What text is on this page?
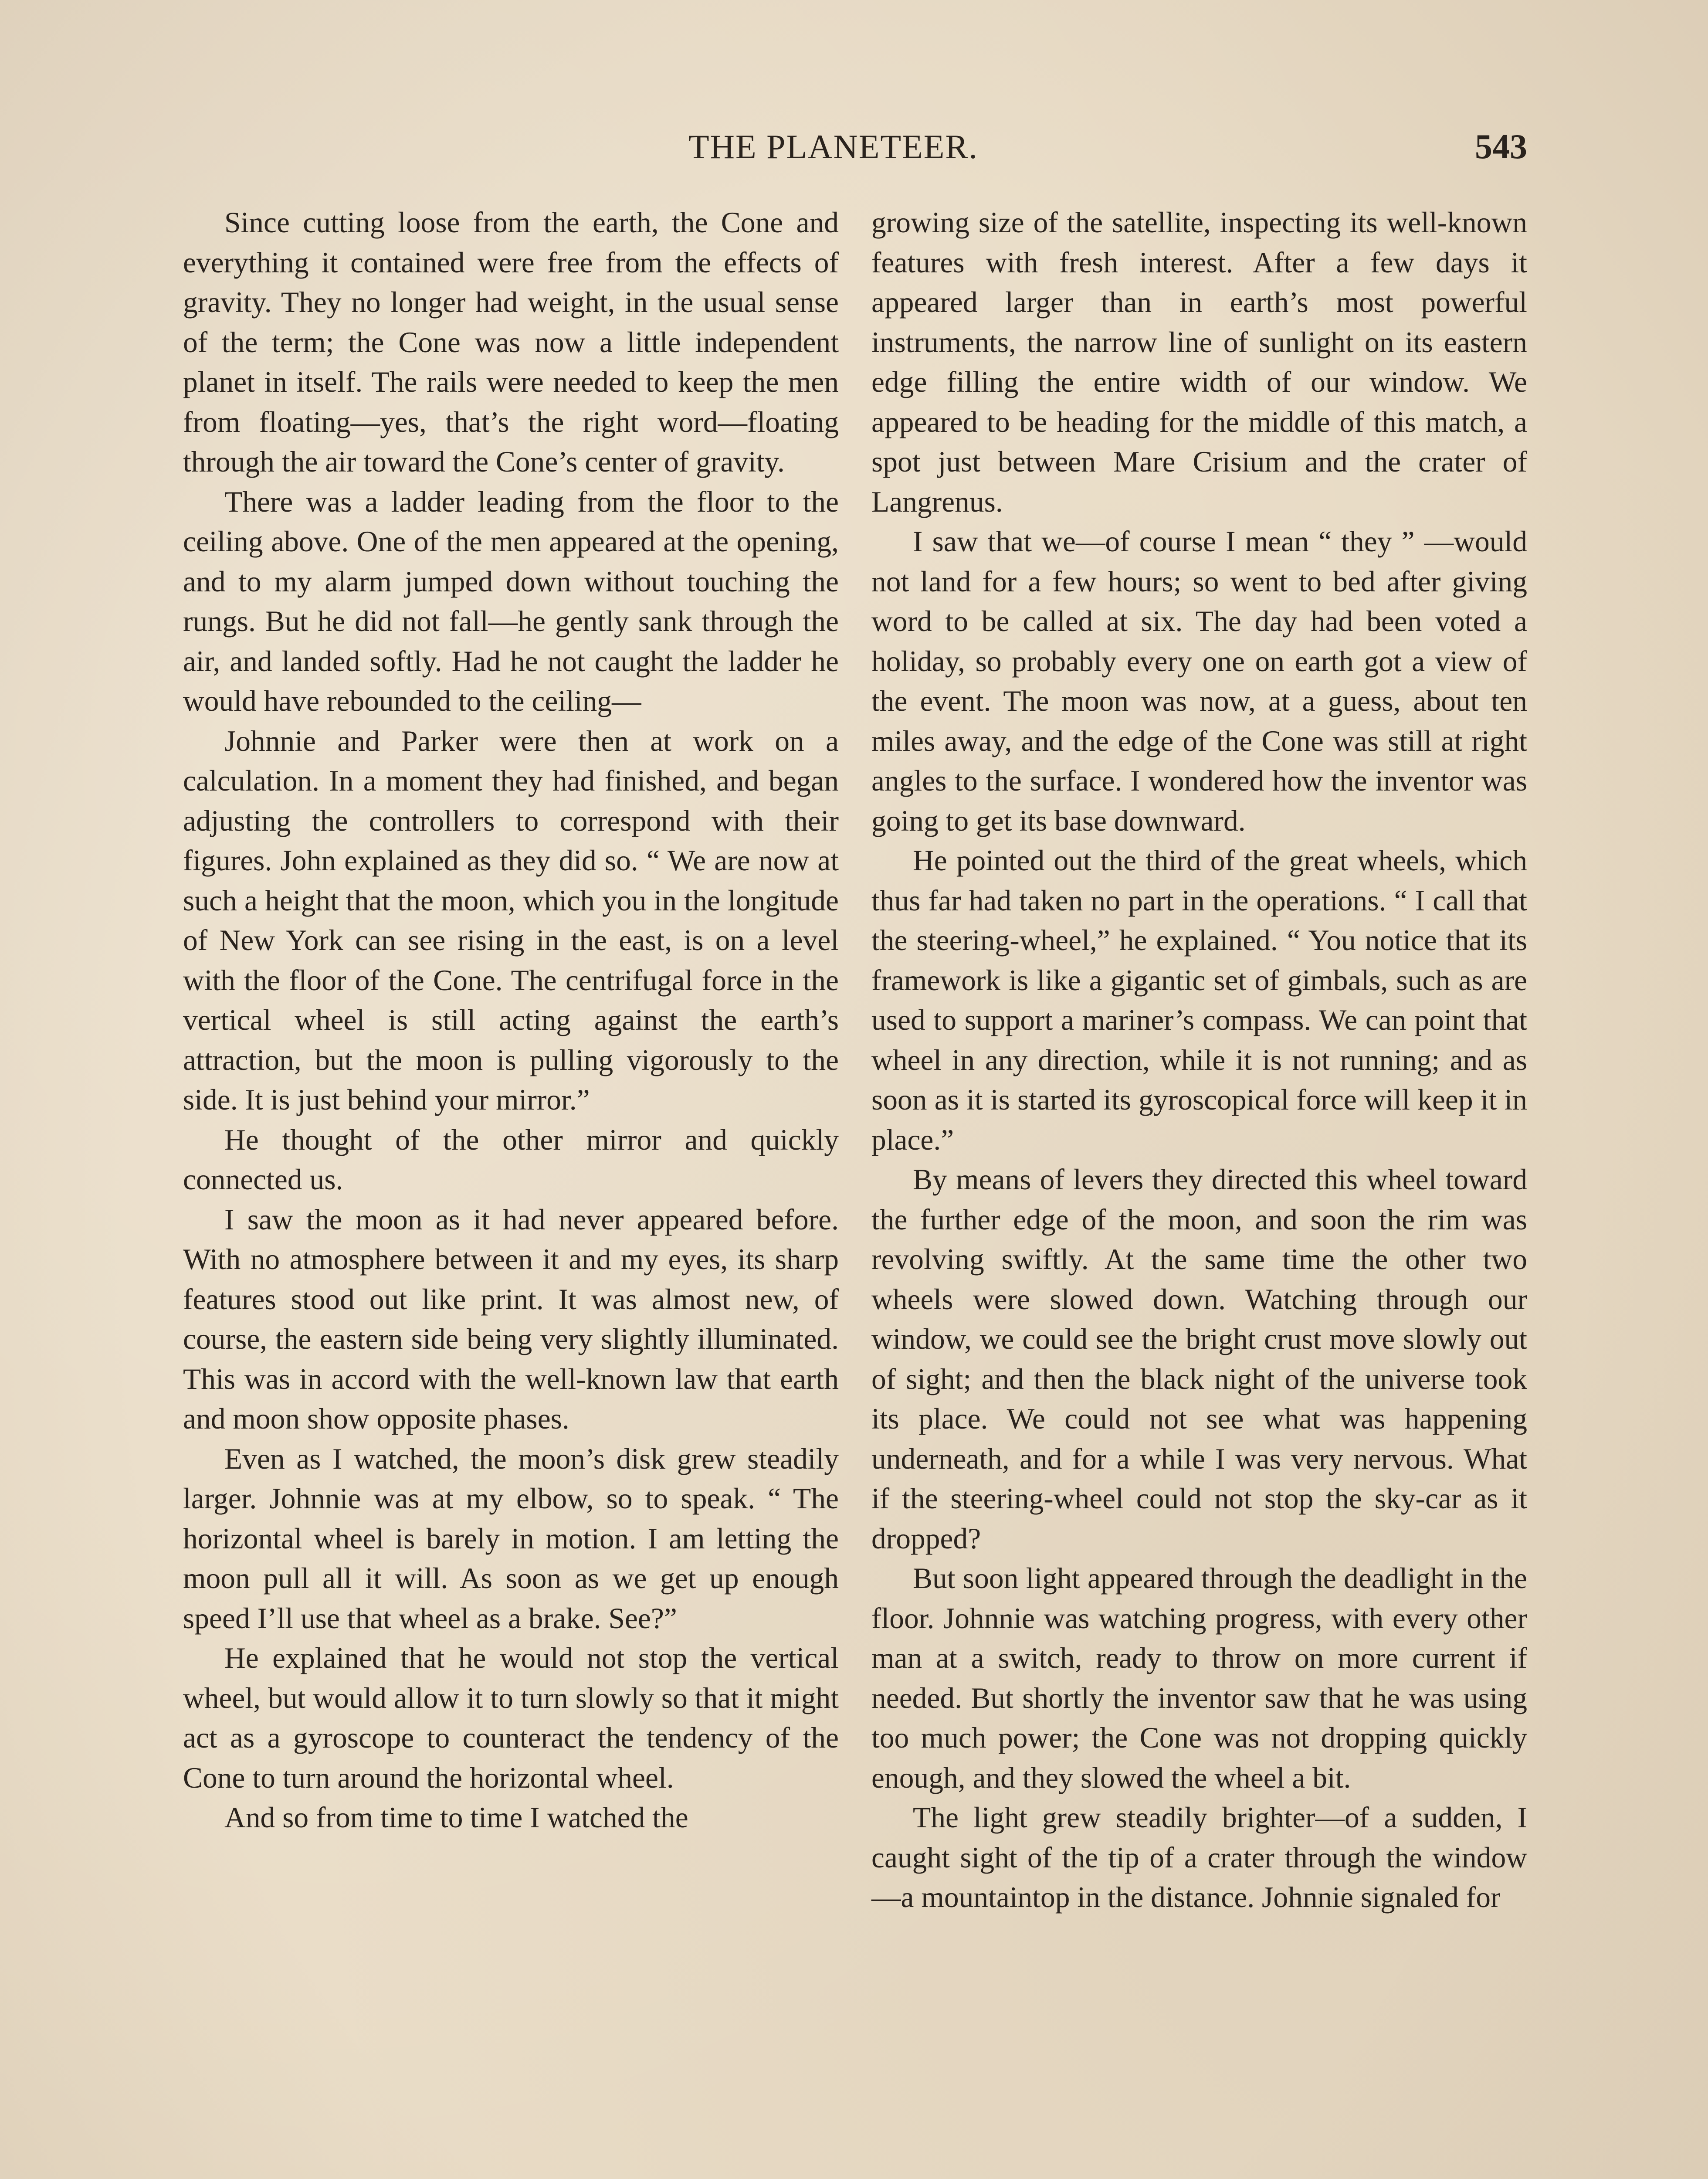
THE PLANETEER.	543

Since cutting loose from the earth, the Cone and everything it contained were free from the effects of gravity. They no longer had weight, in the usual sense of the term; the Cone was now a little independent planet in itself. The rails were needed to keep the men from floating—yes, that’s the right word—floating through the air toward the Cone’s center of gravity.

There was a ladder leading from the floor to the ceiling above. One of the men appeared at the opening, and to my alarm jumped down without touching the rungs. But he did not fall—he gently sank through the air, and landed softly. Had he not caught the ladder he would have rebounded to the ceiling—

Johnnie and Parker were then at work on a calculation. In a moment they had finished, and began adjusting the controllers to correspond with their figures. John explained as they did so. “ We are now at such a height that the moon, which you in the longitude of New York can see rising in the east, is on a level with the floor of the Cone. The centrifugal force in the vertical wheel is still acting against the earth’s attraction, but the moon is pulling vigorously to the side. It is just behind your mirror.”

He thought of the other mirror and quickly connected us.

I saw the moon as it had never appeared before. With no atmosphere between it and my eyes, its sharp features stood out like print. It was almost new, of course, the eastern side being very slightly illuminated. This was in accord with the well-known law that earth and moon show opposite phases.

Even as I watched, the moon’s disk grew steadily larger. Johnnie was at my elbow, so to speak. “ The horizontal wheel is barely in motion. I am letting the moon pull all it will. As soon as we get up enough speed I’ll use that wheel as a brake. See?”

He explained that he would not stop the vertical wheel, but would allow it to turn slowly so that it might act as a gyroscope to counteract the tendency of the Cone to turn around the horizontal wheel.

And so from time to time I watched the

growing size of the satellite, inspecting its well-known features with fresh interest. After a few days it appeared larger than in earth’s most powerful instruments, the narrow line of sunlight on its eastern edge filling the entire width of our window. We appeared to be heading for the middle of this match, a spot just between Mare Crisium and the crater of Langrenus.

I saw that we—of course I mean “ they ” —would not land for a few hours; so went to bed after giving word to be called at six. The day had been voted a holiday, so probably every one on earth got a view of the event. The moon was now, at a guess, about ten miles away, and the edge of the Cone was still at right angles to the surface. I wondered how the inventor was going to get its base downward.

He pointed out the third of the great wheels, which thus far had taken no part in the operations. “ I call that the steering-wheel,” he explained. “ You notice that its framework is like a gigantic set of gimbals, such as are used to support a mariner’s compass. We can point that wheel in any direction, while it is not running; and as soon as it is started its gyroscopical force will keep it in place.”

By means of levers they directed this wheel toward the further edge of the moon, and soon the rim was revolving swiftly. At the same time the other two wheels were slowed down. Watching through our window, we could see the bright crust move slowly out of sight; and then the black night of the universe took its place. We could not see what was happening underneath, and for a while I was very nervous. What if the steering-wheel could not stop the sky-car as it dropped?

But soon light appeared through the deadlight in the floor. Johnnie was watching progress, with every other man at a switch, ready to throw on more current if needed. But shortly the inventor saw that he was using too much power; the Cone was not dropping quickly enough, and they slowed the wheel a bit.

The light grew steadily brighter—of a sudden, I caught sight of the tip of a crater through the window—a mountaintop in the distance. Johnnie signaled for
